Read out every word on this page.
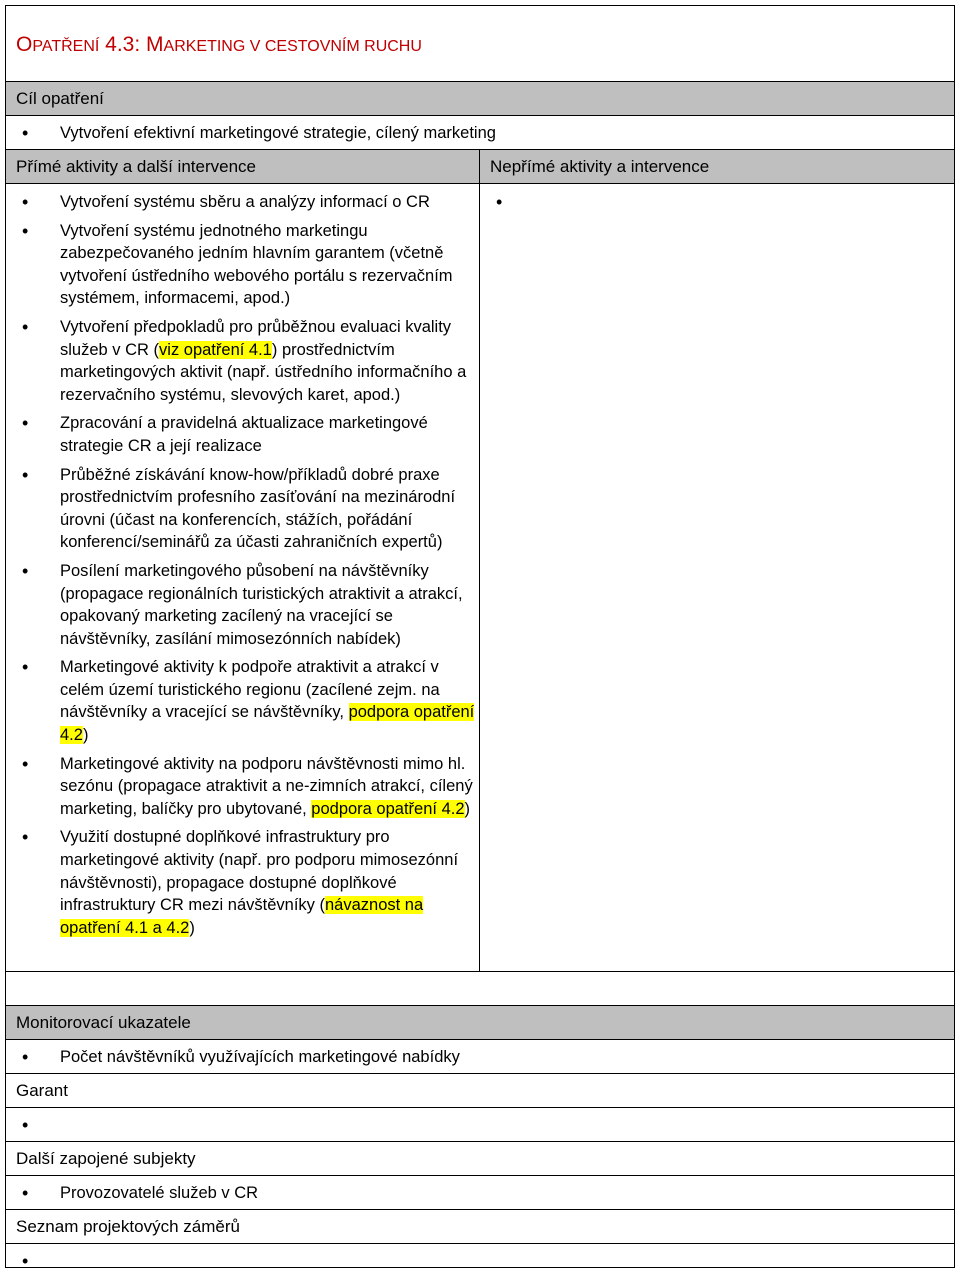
OPATŘENÍ 4.3: MARKETING V CESTOVNÍM RUCHU
Cíl opatření
• Vytvoření efektivní marketingové strategie, cílený marketing
Přímé aktivity a další intervence
• Vytvoření systému sběru a analýzy informací o CR
• Vytvoření systému jednotného marketingu zabezpečovaného jedním hlavním garantem (včetně vytvoření ústředního webového portálu s rezervačním systémem, informacemi, apod.)
• Vytvoření předpokladů pro průběžnou evaluaci kvality služeb v CR (viz opatření 4.1) prostřednictvím marketingových aktivit (např. ústředního informačního a rezervačního systému, slevových karet, apod.)
• Zpracování a pravidelná aktualizace marketingové strategie CR a její realizace
• Průběžné získávání know-how/příkladů dobré praxe prostřednictvím profesního zasíťování na mezinárodní úrovni (účast na konferencích, stážích, pořádání konferencí/seminářů za účasti zahraničních expertů)
• Posílení marketingového působení na návštěvníky (propagace regionálních turistických atraktivit a atrakcí, opakovaný marketing zacílený na vracející se návštěvníky, zasílání mimosezónních nabídek)
• Marketingové aktivity k podpoře atraktivit a atrakcí v celém území turistického regionu (zacílené zejm. na návštěvníky a vracející se návštěvníky, podpora opatření 4.2)
• Marketingové aktivity na podporu návštěvnosti mimo hl. sezónu (propagace atraktivit a ne-zimních atrakcí, cílený marketing, balíčky pro ubytované, podpora opatření 4.2)
• Využití dostupné doplňkové infrastruktury pro marketingové aktivity (např. pro podporu mimosezónní návštěvnosti), propagace dostupné doplňkové infrastruktury CR mezi návštěvníky (návaznost na opatření 4.1 a 4.2)
Nepřímé aktivity a intervence
•
Monitorovací ukazatele
• Počet návštěvníků využívajících marketingové nabídky
Garant
•
Další zapojené subjekty
• Provozovatelé služeb v CR
Seznam projektových záměrů
•
